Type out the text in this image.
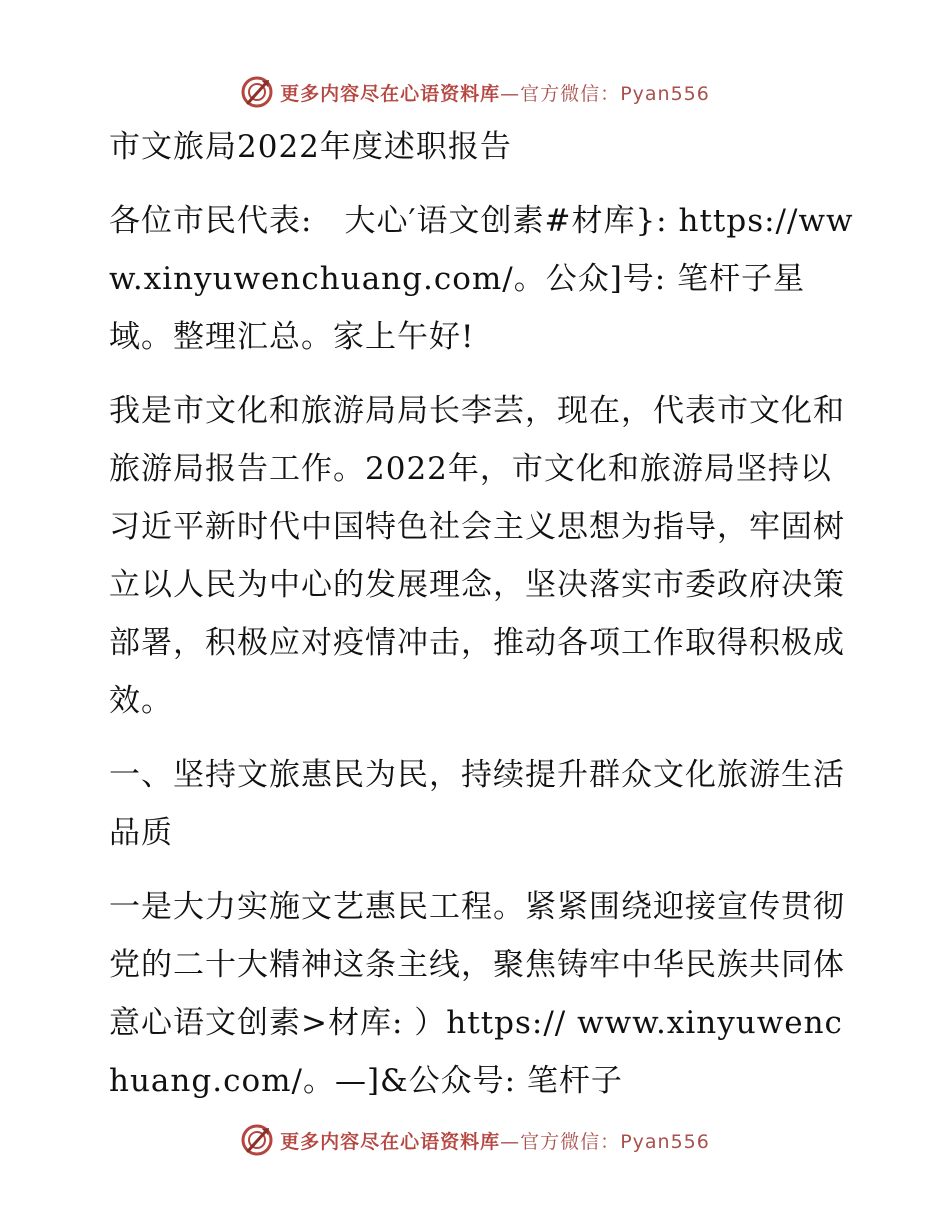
更多内容尽在心语资料库—官方微信：Pyan556

市文旅局2022年度述职报告

各位市民代表:　大心′语文创素#材库}: https://www.xinyuwenchuang.com/。公众]号: 笔杆子星域。整理汇总。家上午好!

我是市文化和旅游局局长李芸，现在，代表市文化和旅游局报告工作。2022年，市文化和旅游局坚持以习近平新时代中国特色社会主义思想为指导，牢固树立以人民为中心的发展理念，坚决落实市委政府决策部署，积极应对疫情冲击，推动各项工作取得积极成效。

一、坚持文旅惠民为民，持续提升群众文化旅游生活品质

一是大力实施文艺惠民工程。紧紧围绕迎接宣传贯彻党的二十大精神这条主线，聚焦铸牢中华民族共同体意心语文创素>材库: ）https:// www.xinyuwenchuang.com/。—]&公众号: 笔杆子

更多内容尽在心语资料库—官方微信：Pyan556
